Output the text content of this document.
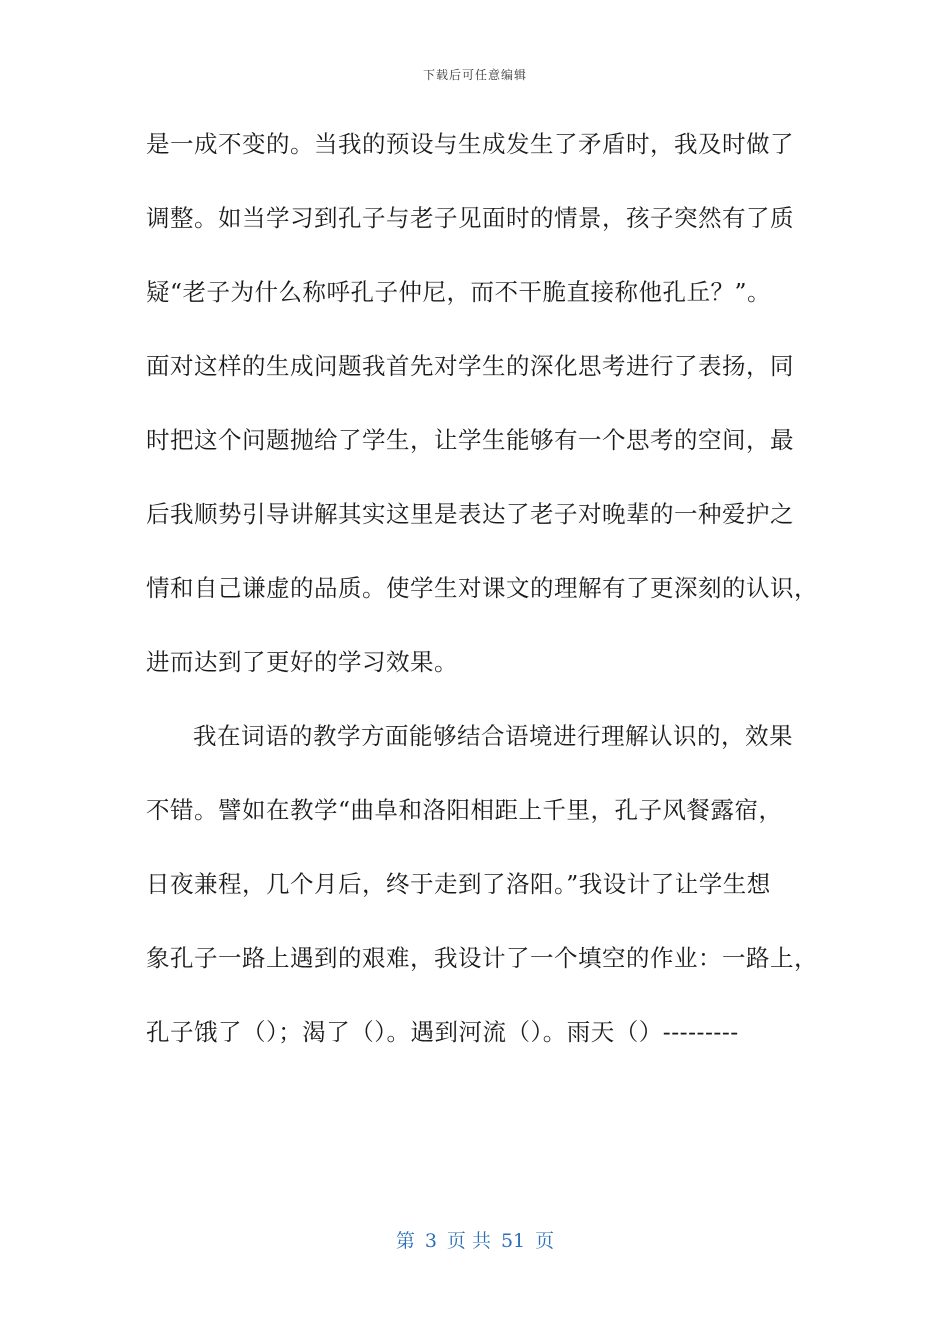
下载后可任意编辑
是一成不变的。当我的预设与生成发生了矛盾时，我及时做了
调整。如当学习到孔子与老子见面时的情景，孩子突然有了质
疑“老子为什么称呼孔子仲尼，而不干脆直接称他孔丘？”。
面对这样的生成问题我首先对学生的深化思考进行了表扬，同
时把这个问题抛给了学生，让学生能够有一个思考的空间，最
后我顺势引导讲解其实这里是表达了老子对晚辈的一种爱护之
情和自己谦虚的品质。使学生对课文的理解有了更深刻的认识，
进而达到了更好的学习效果。
我在词语的教学方面能够结合语境进行理解认识的，效果
不错。譬如在教学“曲阜和洛阳相距上千里，孔子风餐露宿，
日夜兼程，几个月后，终于走到了洛阳。”我设计了让学生想
象孔子一路上遇到的艰难，我设计了一个填空的作业：一路上，
孔子饿了（）；渴了（）。遇到河流（）。雨天（）---------
第 3 页 共 51 页
